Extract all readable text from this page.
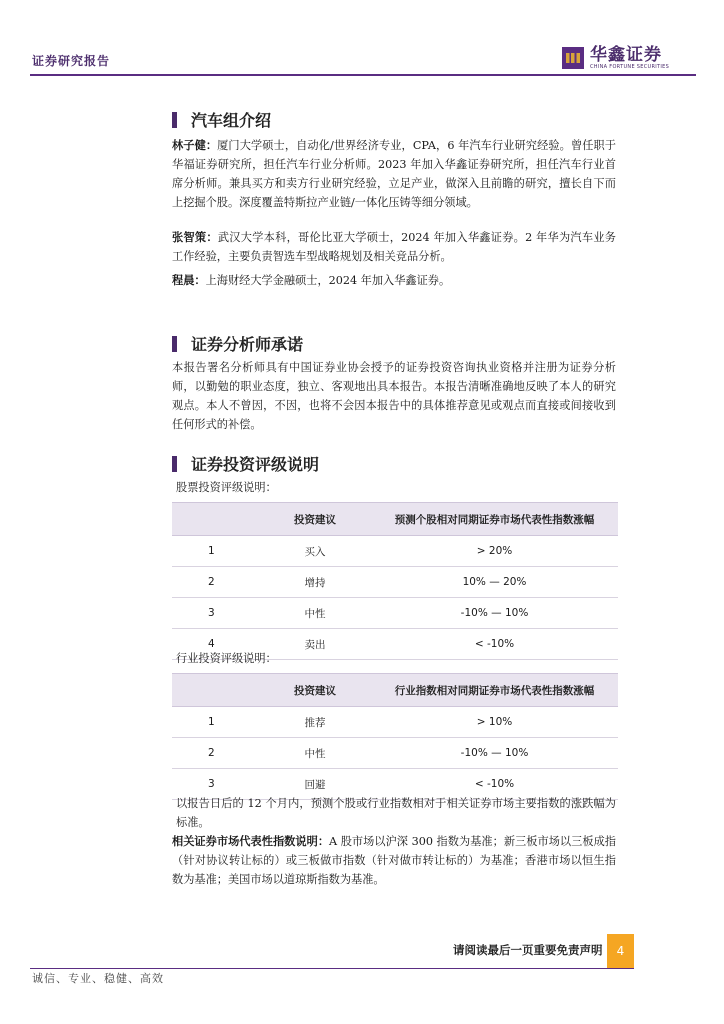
证券研究报告	华鑫证券
CHINA FORTUNE SECURITIES
汽车组介绍
林子健：厦门大学硕士，自动化/世界经济专业，CPA，6 年汽车行业研究经验。曾任职于华福证券研究所，担任汽车行业分析师。2023 年加入华鑫证券研究所，担任汽车行业首席分析师。兼具买方和卖方行业研究经验，立足产业，做深入且前瞻的研究，擅长自下而上挖掘个股。深度覆盖特斯拉产业链/一体化压铸等细分领域。
张智策：武汉大学本科，哥伦比亚大学硕士，2024 年加入华鑫证券。2 年华为汽车业务工作经验，主要负责智选车型战略规划及相关竞品分析。
程晨：上海财经大学金融硕士，2024 年加入华鑫证券。
证券分析师承诺
本报告署名分析师具有中国证券业协会授予的证券投资咨询执业资格并注册为证券分析师，以勤勉的职业态度，独立、客观地出具本报告。本报告清晰准确地反映了本人的研究观点。本人不曾因，不因，也将不会因本报告中的具体推荐意见或观点而直接或间接收到任何形式的补偿。
证券投资评级说明
股票投资评级说明：
	投资建议	预测个股相对同期证券市场代表性指数涨幅
1	买入	> 20%
2	增持	10% — 20%
3	中性	-10% — 10%
4	卖出	< -10%
行业投资评级说明：
	投资建议	行业指数相对同期证券市场代表性指数涨幅
1	推荐	> 10%
2	中性	-10% — 10%
3	回避	< -10%
以报告日后的 12 个月内，预测个股或行业指数相对于相关证券市场主要指数的涨跌幅为标准。
相关证券市场代表性指数说明：A 股市场以沪深 300 指数为基准；新三板市场以三板成指（针对协议转让标的）或三板做市指数（针对做市转让标的）为基准；香港市场以恒生指数为基准；美国市场以道琼斯指数为基准。
请阅读最后一页重要免责声明	4
诚信、专业、稳健、高效
